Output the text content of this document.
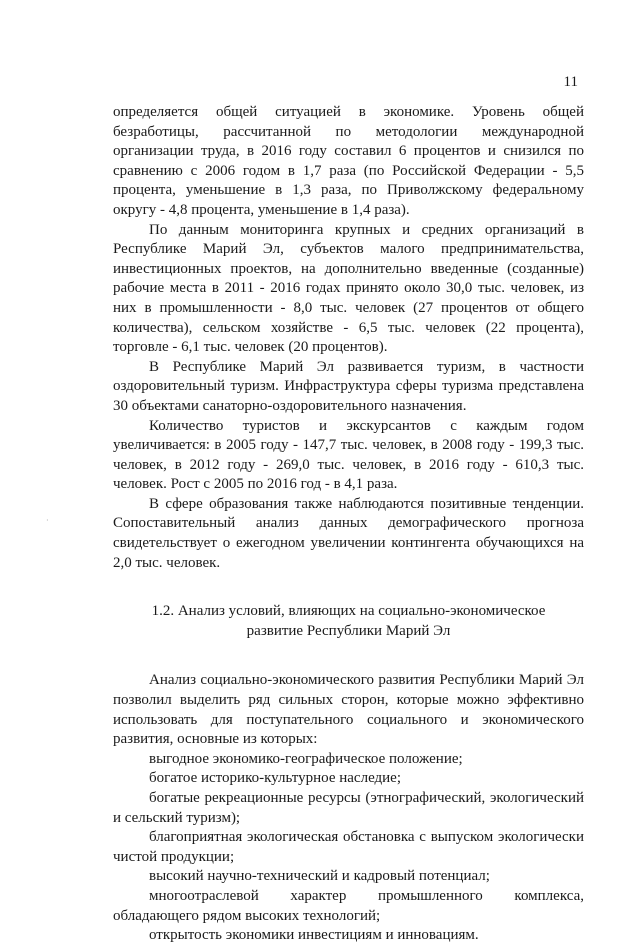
11

определяется общей ситуацией в экономике. Уровень общей безработицы, рассчитанной по методологии международной организации труда, в 2016 году составил 6 процентов и снизился по сравнению с 2006 годом в 1,7 раза (по Российской Федерации - 5,5 процента, уменьшение в 1,3 раза, по Приволжскому федеральному округу - 4,8 процента, уменьшение в 1,4 раза).

По данным мониторинга крупных и средних организаций в Республике Марий Эл, субъектов малого предпринимательства, инвестиционных проектов, на дополнительно введенные (созданные) рабочие места в 2011 - 2016 годах принято около 30,0 тыс. человек, из них в промышленности - 8,0 тыс. человек (27 процентов от общего количества), сельском хозяйстве - 6,5 тыс. человек (22 процента), торговле - 6,1 тыс. человек (20 процентов).

В Республике Марий Эл развивается туризм, в частности оздоровительный туризм. Инфраструктура сферы туризма представлена 30 объектами санаторно-оздоровительного назначения.

Количество туристов и экскурсантов с каждым годом увеличивается: в 2005 году - 147,7 тыс. человек, в 2008 году - 199,3 тыс. человек, в 2012 году - 269,0 тыс. человек, в 2016 году - 610,3 тыс. человек. Рост с 2005 по 2016 год - в 4,1 раза.

В сфере образования также наблюдаются позитивные тенденции. Сопоставительный анализ данных демографического прогноза свидетельствует о ежегодном увеличении контингента обучающихся на 2,0 тыс. человек.

1.2. Анализ условий, влияющих на социально-экономическое
развитие Республики Марий Эл

Анализ социально-экономического развития Республики Марий Эл позволил выделить ряд сильных сторон, которые можно эффективно использовать для поступательного социального и экономического развития, основные из которых:

выгодное экономико-географическое положение;

богатое историко-культурное наследие;

богатые рекреационные ресурсы (этнографический, экологический и сельский туризм);

благоприятная экологическая обстановка с выпуском экологически чистой продукции;

высокий научно-технический и кадровый потенциал;

многоотраслевой характер промышленного комплекса, обладающего рядом высоких технологий;

открытость экономики инвестициям и инновациям.

·
